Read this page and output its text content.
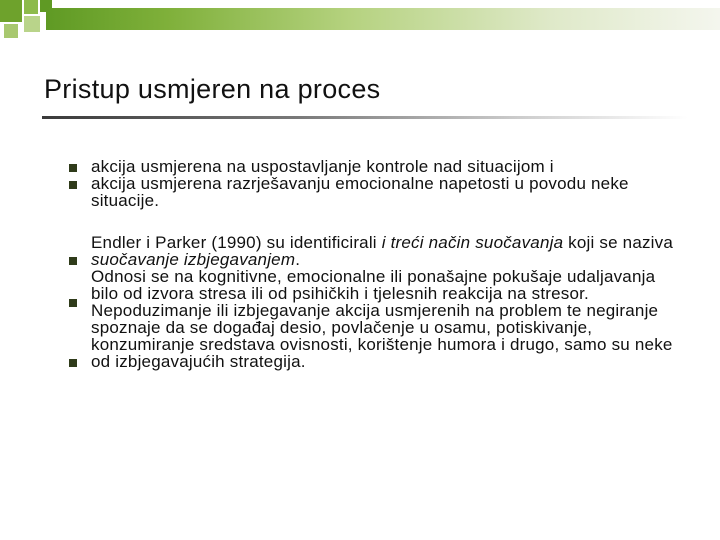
Pristup usmjeren na proces

akcija usmjerena na uspostavljanje kontrole nad situacijom i

akcija usmjerena razrješavanju emocionalne napetosti u povodu neke situacije.

Endler i Parker (1990) su identificirali i treći način suočavanja koji se naziva suočavanje izbjegavanjem.

Odnosi se na kognitivne, emocionalne ili ponašajne pokušaje udaljavanja bilo od izvora stresa ili od psihičkih i tjelesnih reakcija na stresor.

Nepoduzimanje ili izbjegavanje akcija usmjerenih na problem te negiranje spoznaje da se događaj desio, povlačenje u osamu, potiskivanje, konzumiranje sredstava ovisnosti, korištenje humora i drugo, samo su neke od izbjegavajućih strategija.
